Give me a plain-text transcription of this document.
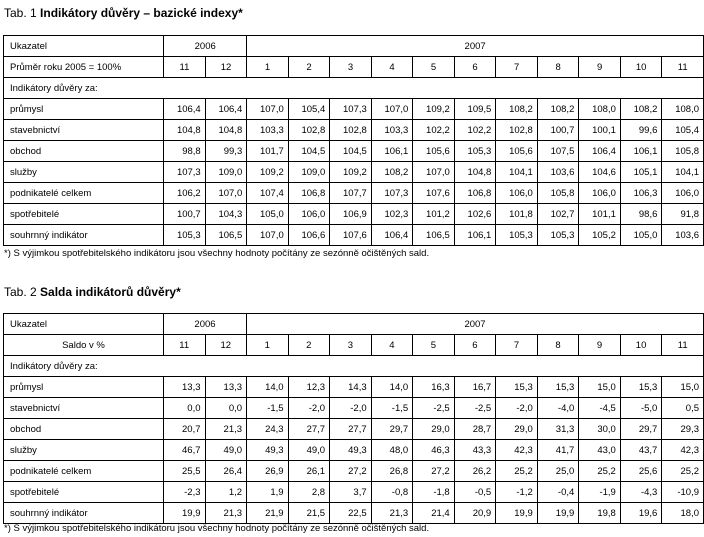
Tab. 1 Indikátory důvěry – bazické indexy*
Ukazatel	2006		2007										
Průměr roku 2005 = 100%	11	12	1	2	3	4	5	6	7	8	9	10	11
Indikátory důvěry za:													
průmysl	106,4	106,4	107,0	105,4	107,3	107,0	109,2	109,5	108,2	108,2	108,0	108,2	108,0
stavebnictví	104,8	104,8	103,3	102,8	102,8	103,3	102,2	102,2	102,8	100,7	100,1	99,6	105,4
obchod	98,8	99,3	101,7	104,5	104,5	106,1	105,6	105,3	105,6	107,5	106,4	106,1	105,8
služby	107,3	109,0	109,2	109,0	109,2	108,2	107,0	104,8	104,1	103,6	104,6	105,1	104,1
podnikatelé celkem	106,2	107,0	107,4	106,8	107,7	107,3	107,6	106,8	106,0	105,8	106,0	106,3	106,0
spotřebitelé	100,7	104,3	105,0	106,0	106,9	102,3	101,2	102,6	101,8	102,7	101,1	98,6	91,8
souhrnný indikátor	105,3	106,5	107,0	106,6	107,6	106,4	106,5	106,1	105,3	105,3	105,2	105,0	103,6
*) S výjimkou spotřebitelského indikátoru jsou všechny hodnoty počítány ze sezónně očištěných sald.
Tab. 2 Salda indikátorů důvěry*
Ukazatel	2006		2007										
Saldo v %	11	12	1	2	3	4	5	6	7	8	9	10	11
Indikátory důvěry za:													
průmysl	13,3	13,3	14,0	12,3	14,3	14,0	16,3	16,7	15,3	15,3	15,0	15,3	15,0
stavebnictví	0,0	0,0	-1,5	-2,0	-2,0	-1,5	-2,5	-2,5	-2,0	-4,0	-4,5	-5,0	0,5
obchod	20,7	21,3	24,3	27,7	27,7	29,7	29,0	28,7	29,0	31,3	30,0	29,7	29,3
služby	46,7	49,0	49,3	49,0	49,3	48,0	46,3	43,3	42,3	41,7	43,0	43,7	42,3
podnikatelé celkem	25,5	26,4	26,9	26,1	27,2	26,8	27,2	26,2	25,2	25,0	25,2	25,6	25,2
spotřebitelé	-2,3	1,2	1,9	2,8	3,7	-0,8	-1,8	-0,5	-1,2	-0,4	-1,9	-4,3	-10,9
souhrnný indikátor	19,9	21,3	21,9	21,5	22,5	21,3	21,4	20,9	19,9	19,9	19,8	19,6	18,0
*) S výjimkou spotřebitelského indikátoru jsou všechny hodnoty počítány ze sezónně očištěných sald.
